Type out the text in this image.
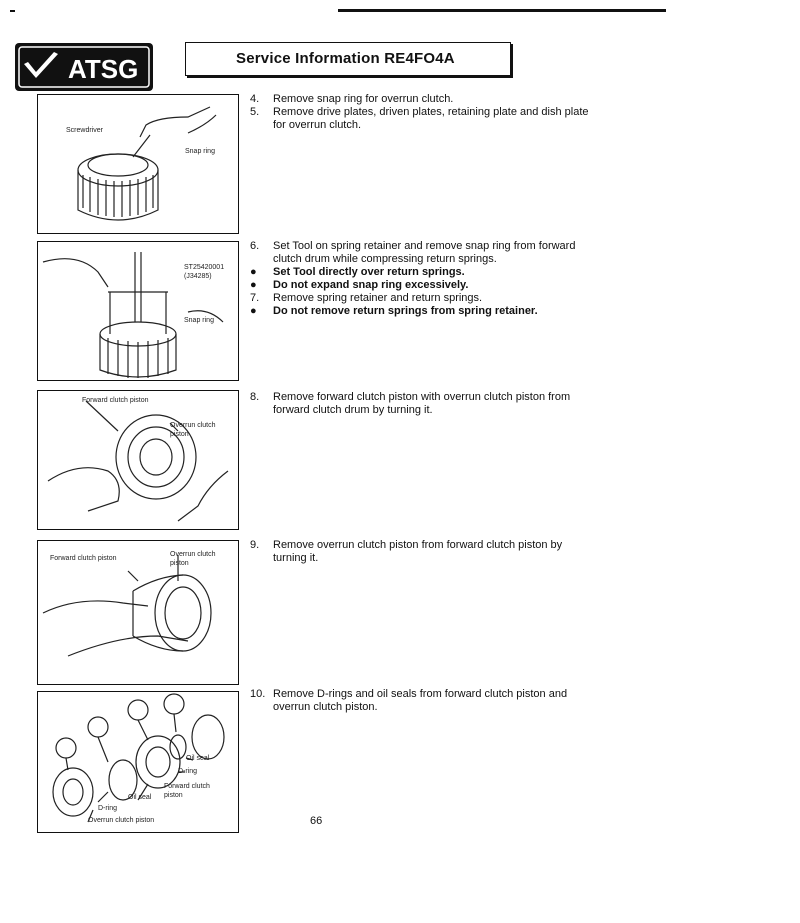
ATSG	Service Information RE4FO4A
Screwdriver
Snap ring
ST25420001
(J34285)
Snap ring
Forward clutch piston
Overrun clutch
piston
Forward clutch piston
Overrun clutch
piston
Oil seal
D-ring
Forward clutch
Oil seal piston
D-ring
Overrun clutch piston
4.	Remove snap ring for overrun clutch.
5.	Remove drive plates, driven plates, retaining plate and dish plate for overrun clutch.
6.	Set Tool on spring retainer and remove snap ring from forward clutch drum while compressing return springs.
●	Set Tool directly over return springs.
●	Do not expand snap ring excessively.
7.	Remove spring retainer and return springs.
●	Do not remove return springs from spring retainer.
8.	Remove forward clutch piston with overrun clutch piston from forward clutch drum by turning it.
9.	Remove overrun clutch piston from forward clutch piston by turning it.
10. Remove D-rings and oil seals from forward clutch piston and overrun clutch piston.
66
